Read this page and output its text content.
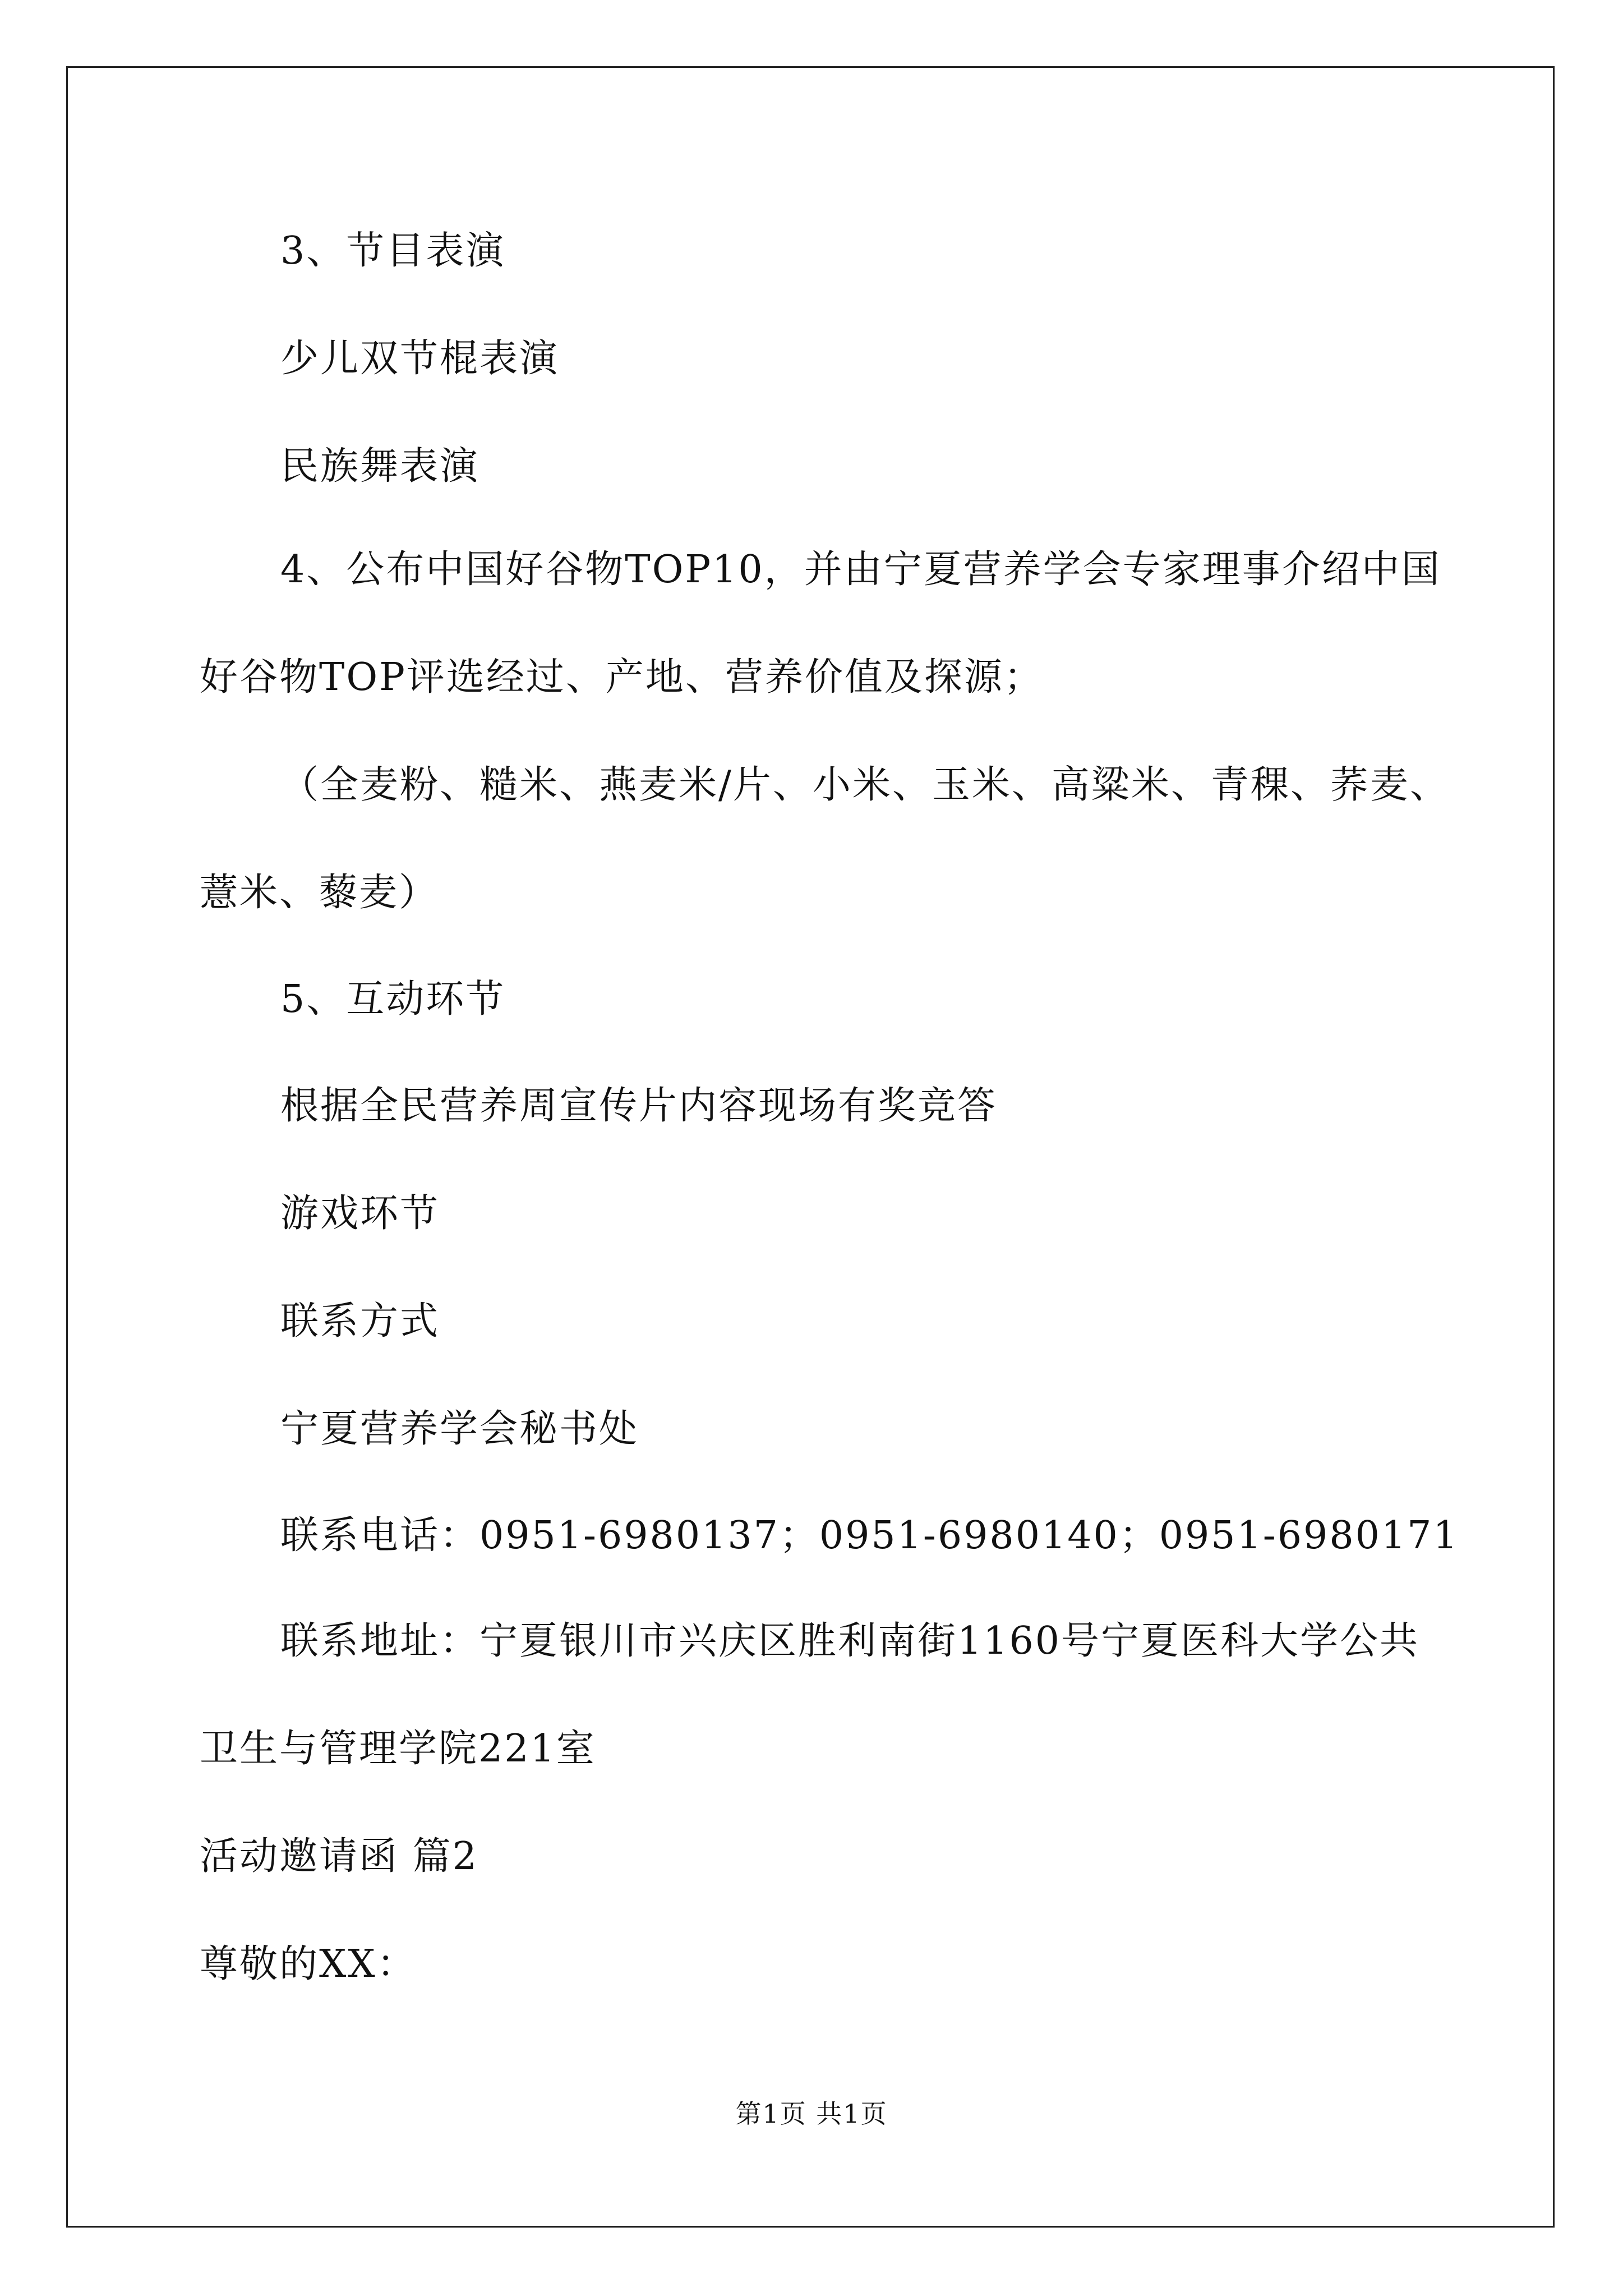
3、节目表演
少儿双节棍表演
民族舞表演
4、公布中国好谷物TOP10，并由宁夏营养学会专家理事介绍中国
好谷物TOP评选经过、产地、营养价值及探源；
（全麦粉、糙米、燕麦米/片、小米、玉米、高粱米、青稞、荞麦、
薏米、藜麦）
5、互动环节
根据全民营养周宣传片内容现场有奖竞答
游戏环节
联系方式
宁夏营养学会秘书处
联系电话：0951-6980137；0951-6980140；0951-6980171
联系地址：宁夏银川市兴庆区胜利南街1160号宁夏医科大学公共
卫生与管理学院221室
活动邀请函 篇2
尊敬的XX：
第1页 共1页
